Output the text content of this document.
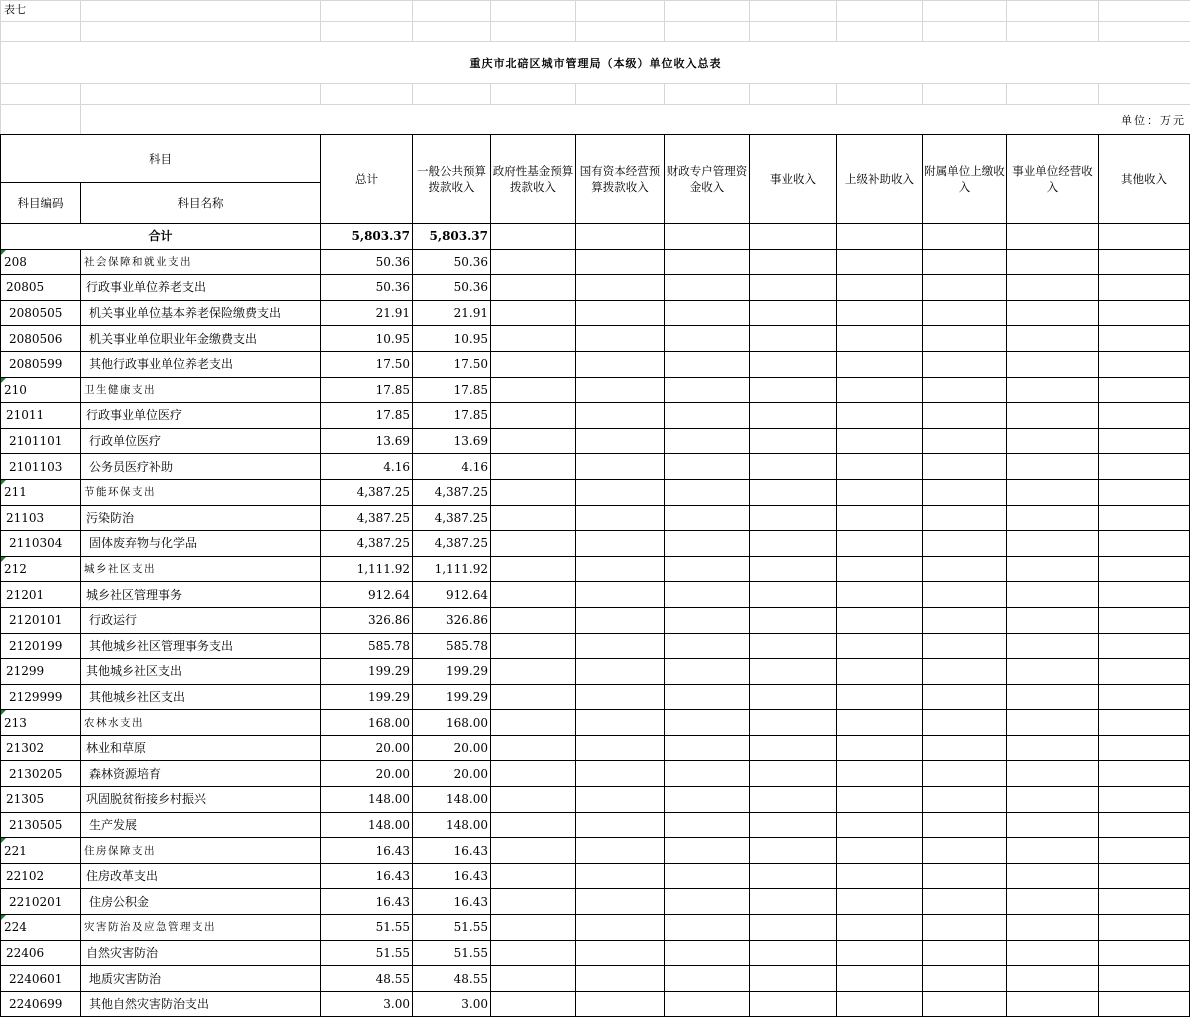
表七											

重庆市北碚区城市管理局（本级）单位收入总表											

	单位：万元										
科目		总计	一般公共预算拨款收入	政府性基金预算拨款收入	国有资本经营预算拨款收入	财政专户管理资金收入	事业收入	上级补助收入	附属单位上缴收入	事业单位经营收入	其他收入
科目编码	科目名称										
合计		5,803.37	5,803.37								
208	社会保障和就业支出	50.36	50.36								
20805	行政事业单位养老支出	50.36	50.36								
2080505	机关事业单位基本养老保险缴费支出	21.91	21.91								
2080506	机关事业单位职业年金缴费支出	10.95	10.95								
2080599	其他行政事业单位养老支出	17.50	17.50								
210	卫生健康支出	17.85	17.85								
21011	行政事业单位医疗	17.85	17.85								
2101101	行政单位医疗	13.69	13.69								
2101103	公务员医疗补助	4.16	4.16								
211	节能环保支出	4,387.25	4,387.25								
21103	污染防治	4,387.25	4,387.25								
2110304	固体废弃物与化学品	4,387.25	4,387.25								
212	城乡社区支出	1,111.92	1,111.92								
21201	城乡社区管理事务	912.64	912.64								
2120101	行政运行	326.86	326.86								
2120199	其他城乡社区管理事务支出	585.78	585.78								
21299	其他城乡社区支出	199.29	199.29								
2129999	其他城乡社区支出	199.29	199.29								
213	农林水支出	168.00	168.00								
21302	林业和草原	20.00	20.00								
2130205	森林资源培育	20.00	20.00								
21305	巩固脱贫衔接乡村振兴	148.00	148.00								
2130505	生产发展	148.00	148.00								
221	住房保障支出	16.43	16.43								
22102	住房改革支出	16.43	16.43								
2210201	住房公积金	16.43	16.43								
224	灾害防治及应急管理支出	51.55	51.55								
22406	自然灾害防治	51.55	51.55								
2240601	地质灾害防治	48.55	48.55								
2240699	其他自然灾害防治支出	3.00	3.00								
